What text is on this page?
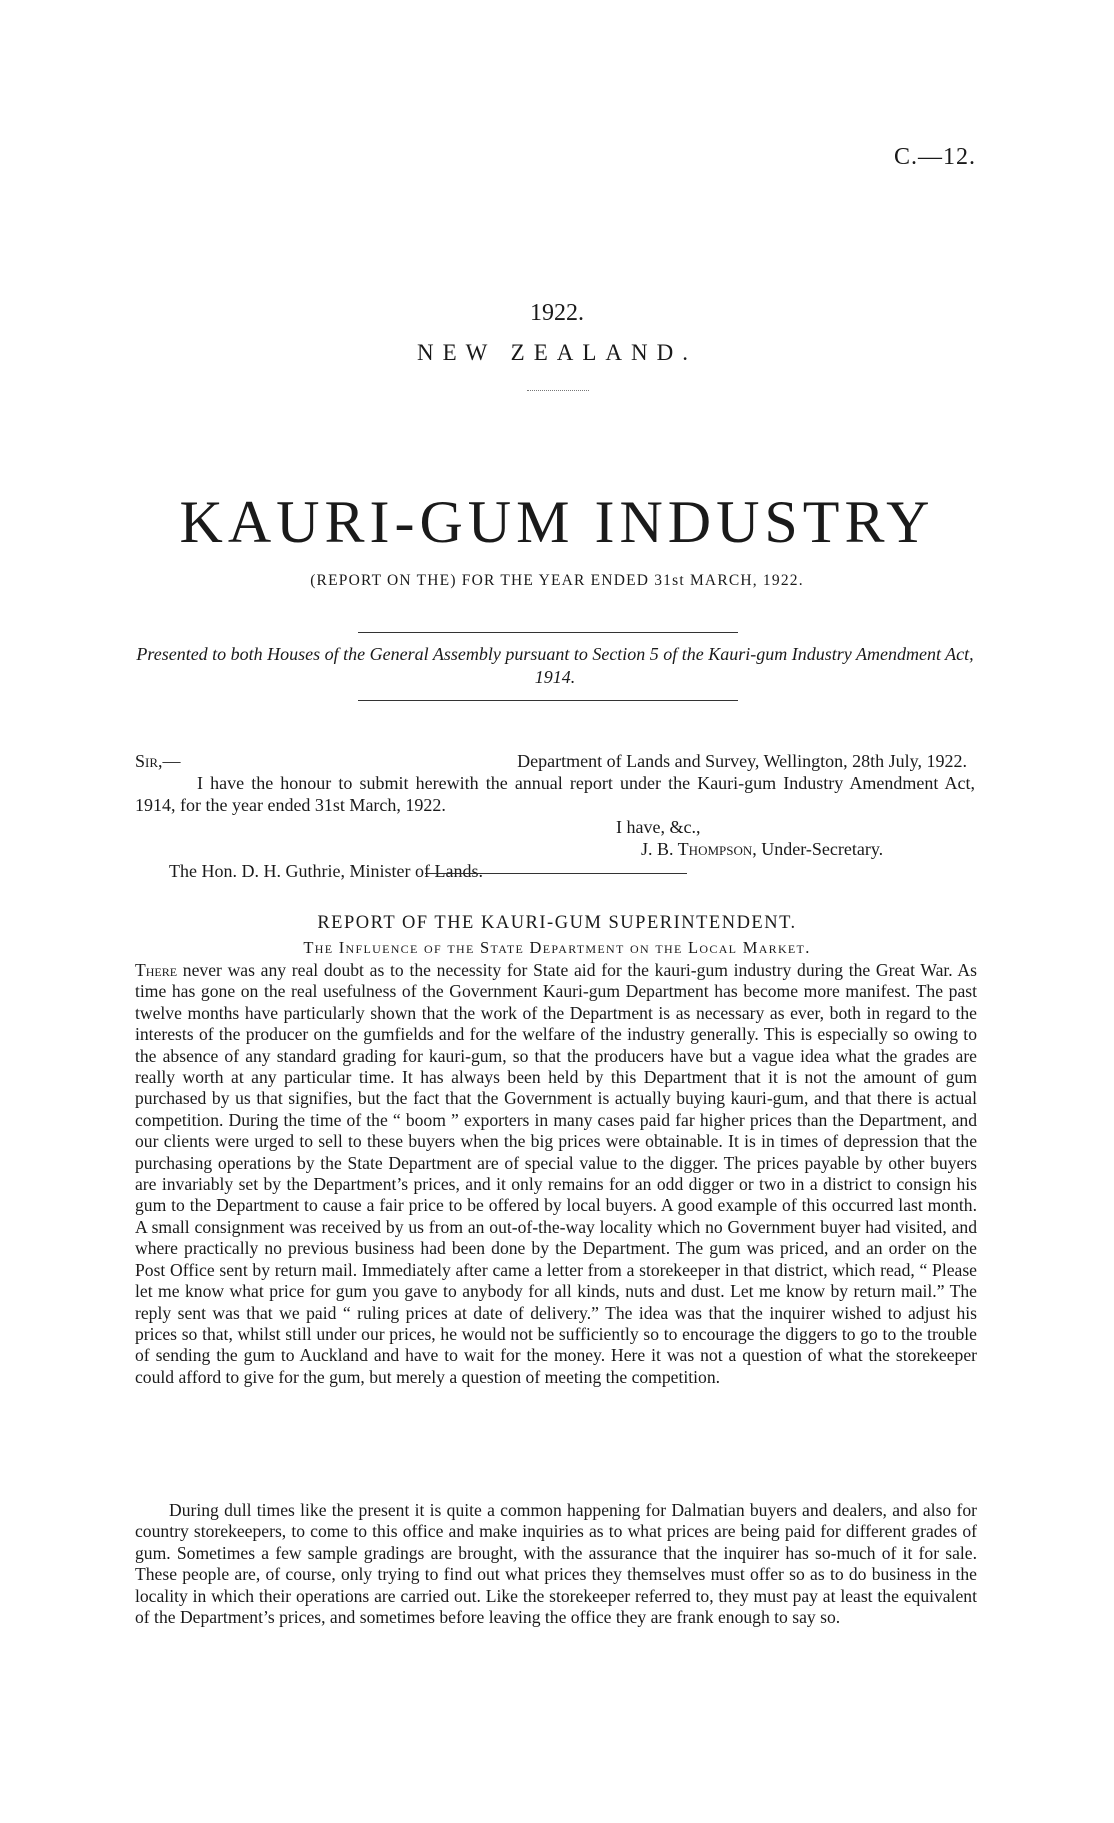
C.—12.
1922.
NEW ZEALAND.
KAURI-GUM INDUSTRY
(REPORT ON THE) FOR THE YEAR ENDED 31st MARCH, 1922.
Presented to both Houses of the General Assembly pursuant to Section 5 of the Kauri-gum Industry Amendment Act, 1914.
Sir,—	Department of Lands and Survey, Wellington, 28th July, 1922.
I have the honour to submit herewith the annual report under the Kauri-gum Industry Amendment Act, 1914, for the year ended 31st March, 1922.
I have, &c.,
J. B. Thompson, Under-Secretary.
The Hon. D. H. Guthrie, Minister of Lands.
REPORT OF THE KAURI-GUM SUPERINTENDENT.
The Influence of the State Department on the Local Market.

There never was any real doubt as to the necessity for State aid for the kauri-gum industry during the Great War. As time has gone on the real usefulness of the Government Kauri-gum Department has become more manifest. The past twelve months have particularly shown that the work of the Department is as necessary as ever, both in regard to the interests of the producer on the gumfields and for the welfare of the industry generally. This is especially so owing to the absence of any standard grading for kauri-gum, so that the producers have but a vague idea what the grades are really worth at any particular time. It has always been held by this Department that it is not the amount of gum purchased by us that signifies, but the fact that the Government is actually buying kauri-gum, and that there is actual competition. During the time of the “ boom ” exporters in many cases paid far higher prices than the Department, and our clients were urged to sell to these buyers when the big prices were obtainable. It is in times of depression that the purchasing operations by the State Department are of special value to the digger. The prices payable by other buyers are invariably set by the Department’s prices, and it only remains for an odd digger or two in a district to consign his gum to the Department to cause a fair price to be offered by local buyers. A good example of this occurred last month. A small consignment was received by us from an out-of-the-way locality which no Government buyer had visited, and where practically no previous business had been done by the Department. The gum was priced, and an order on the Post Office sent by return mail. Immediately after came a letter from a storekeeper in that district, which read, “ Please let me know what price for gum you gave to anybody for all kinds, nuts and dust. Let me know by return mail.” The reply sent was that we paid “ ruling prices at date of delivery.” The idea was that the inquirer wished to adjust his prices so that, whilst still under our prices, he would not be sufficiently so to encourage the diggers to go to the trouble of sending the gum to Auckland and have to wait for the money. Here it was not a question of what the storekeeper could afford to give for the gum, but merely a question of meeting the competition.

During dull times like the present it is quite a common happening for Dalmatian buyers and dealers, and also for country storekeepers, to come to this office and make inquiries as to what prices are being paid for different grades of gum. Sometimes a few sample gradings are brought, with the assurance that the inquirer has so-much of it for sale. These people are, of course, only trying to find out what prices they themselves must offer so as to do business in the locality in which their operations are carried out. Like the storekeeper referred to, they must pay at least the equivalent of the Department’s prices, and sometimes before leaving the office they are frank enough to say so.
